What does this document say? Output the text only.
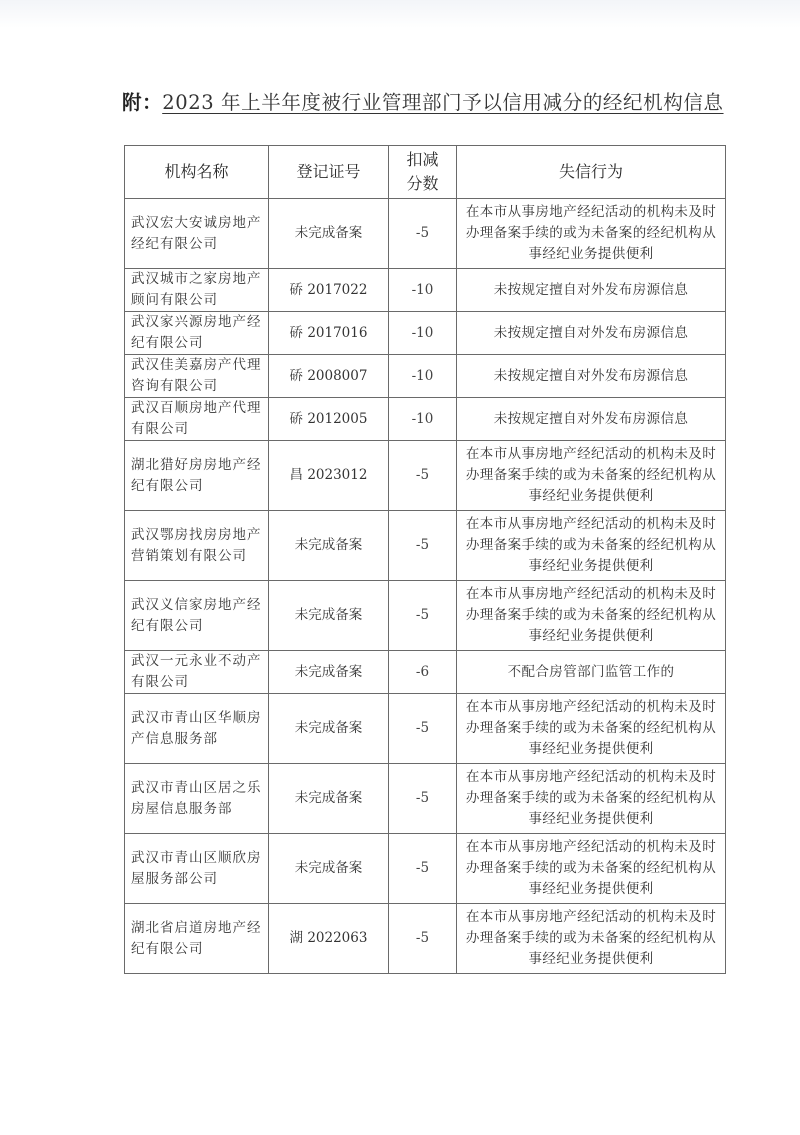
附：2023 年上半年度被行业管理部门予以信用减分的经纪机构信息
机构名称	登记证号	扣减分数	失信行为
武汉宏大安诚房地产经纪有限公司	未完成备案	-5	在本市从事房地产经纪活动的机构未及时办理备案手续的或为未备案的经纪机构从事经纪业务提供便利
武汉城市之家房地产顾问有限公司	硚 2017022	-10	未按规定擅自对外发布房源信息
武汉家兴源房地产经纪有限公司	硚 2017016	-10	未按规定擅自对外发布房源信息
武汉佳美嘉房产代理咨询有限公司	硚 2008007	-10	未按规定擅自对外发布房源信息
武汉百顺房地产代理有限公司	硚 2012005	-10	未按规定擅自对外发布房源信息
湖北猎好房房地产经纪有限公司	昌 2023012	-5	在本市从事房地产经纪活动的机构未及时办理备案手续的或为未备案的经纪机构从事经纪业务提供便利
武汉鄂房找房房地产营销策划有限公司	未完成备案	-5	在本市从事房地产经纪活动的机构未及时办理备案手续的或为未备案的经纪机构从事经纪业务提供便利
武汉义信家房地产经纪有限公司	未完成备案	-5	在本市从事房地产经纪活动的机构未及时办理备案手续的或为未备案的经纪机构从事经纪业务提供便利
武汉一元永业不动产有限公司	未完成备案	-6	不配合房管部门监管工作的
武汉市青山区华顺房产信息服务部	未完成备案	-5	在本市从事房地产经纪活动的机构未及时办理备案手续的或为未备案的经纪机构从事经纪业务提供便利
武汉市青山区居之乐房屋信息服务部	未完成备案	-5	在本市从事房地产经纪活动的机构未及时办理备案手续的或为未备案的经纪机构从事经纪业务提供便利
武汉市青山区顺欣房屋服务部公司	未完成备案	-5	在本市从事房地产经纪活动的机构未及时办理备案手续的或为未备案的经纪机构从事经纪业务提供便利
湖北省启道房地产经纪有限公司	湖 2022063	-5	在本市从事房地产经纪活动的机构未及时办理备案手续的或为未备案的经纪机构从事经纪业务提供便利
